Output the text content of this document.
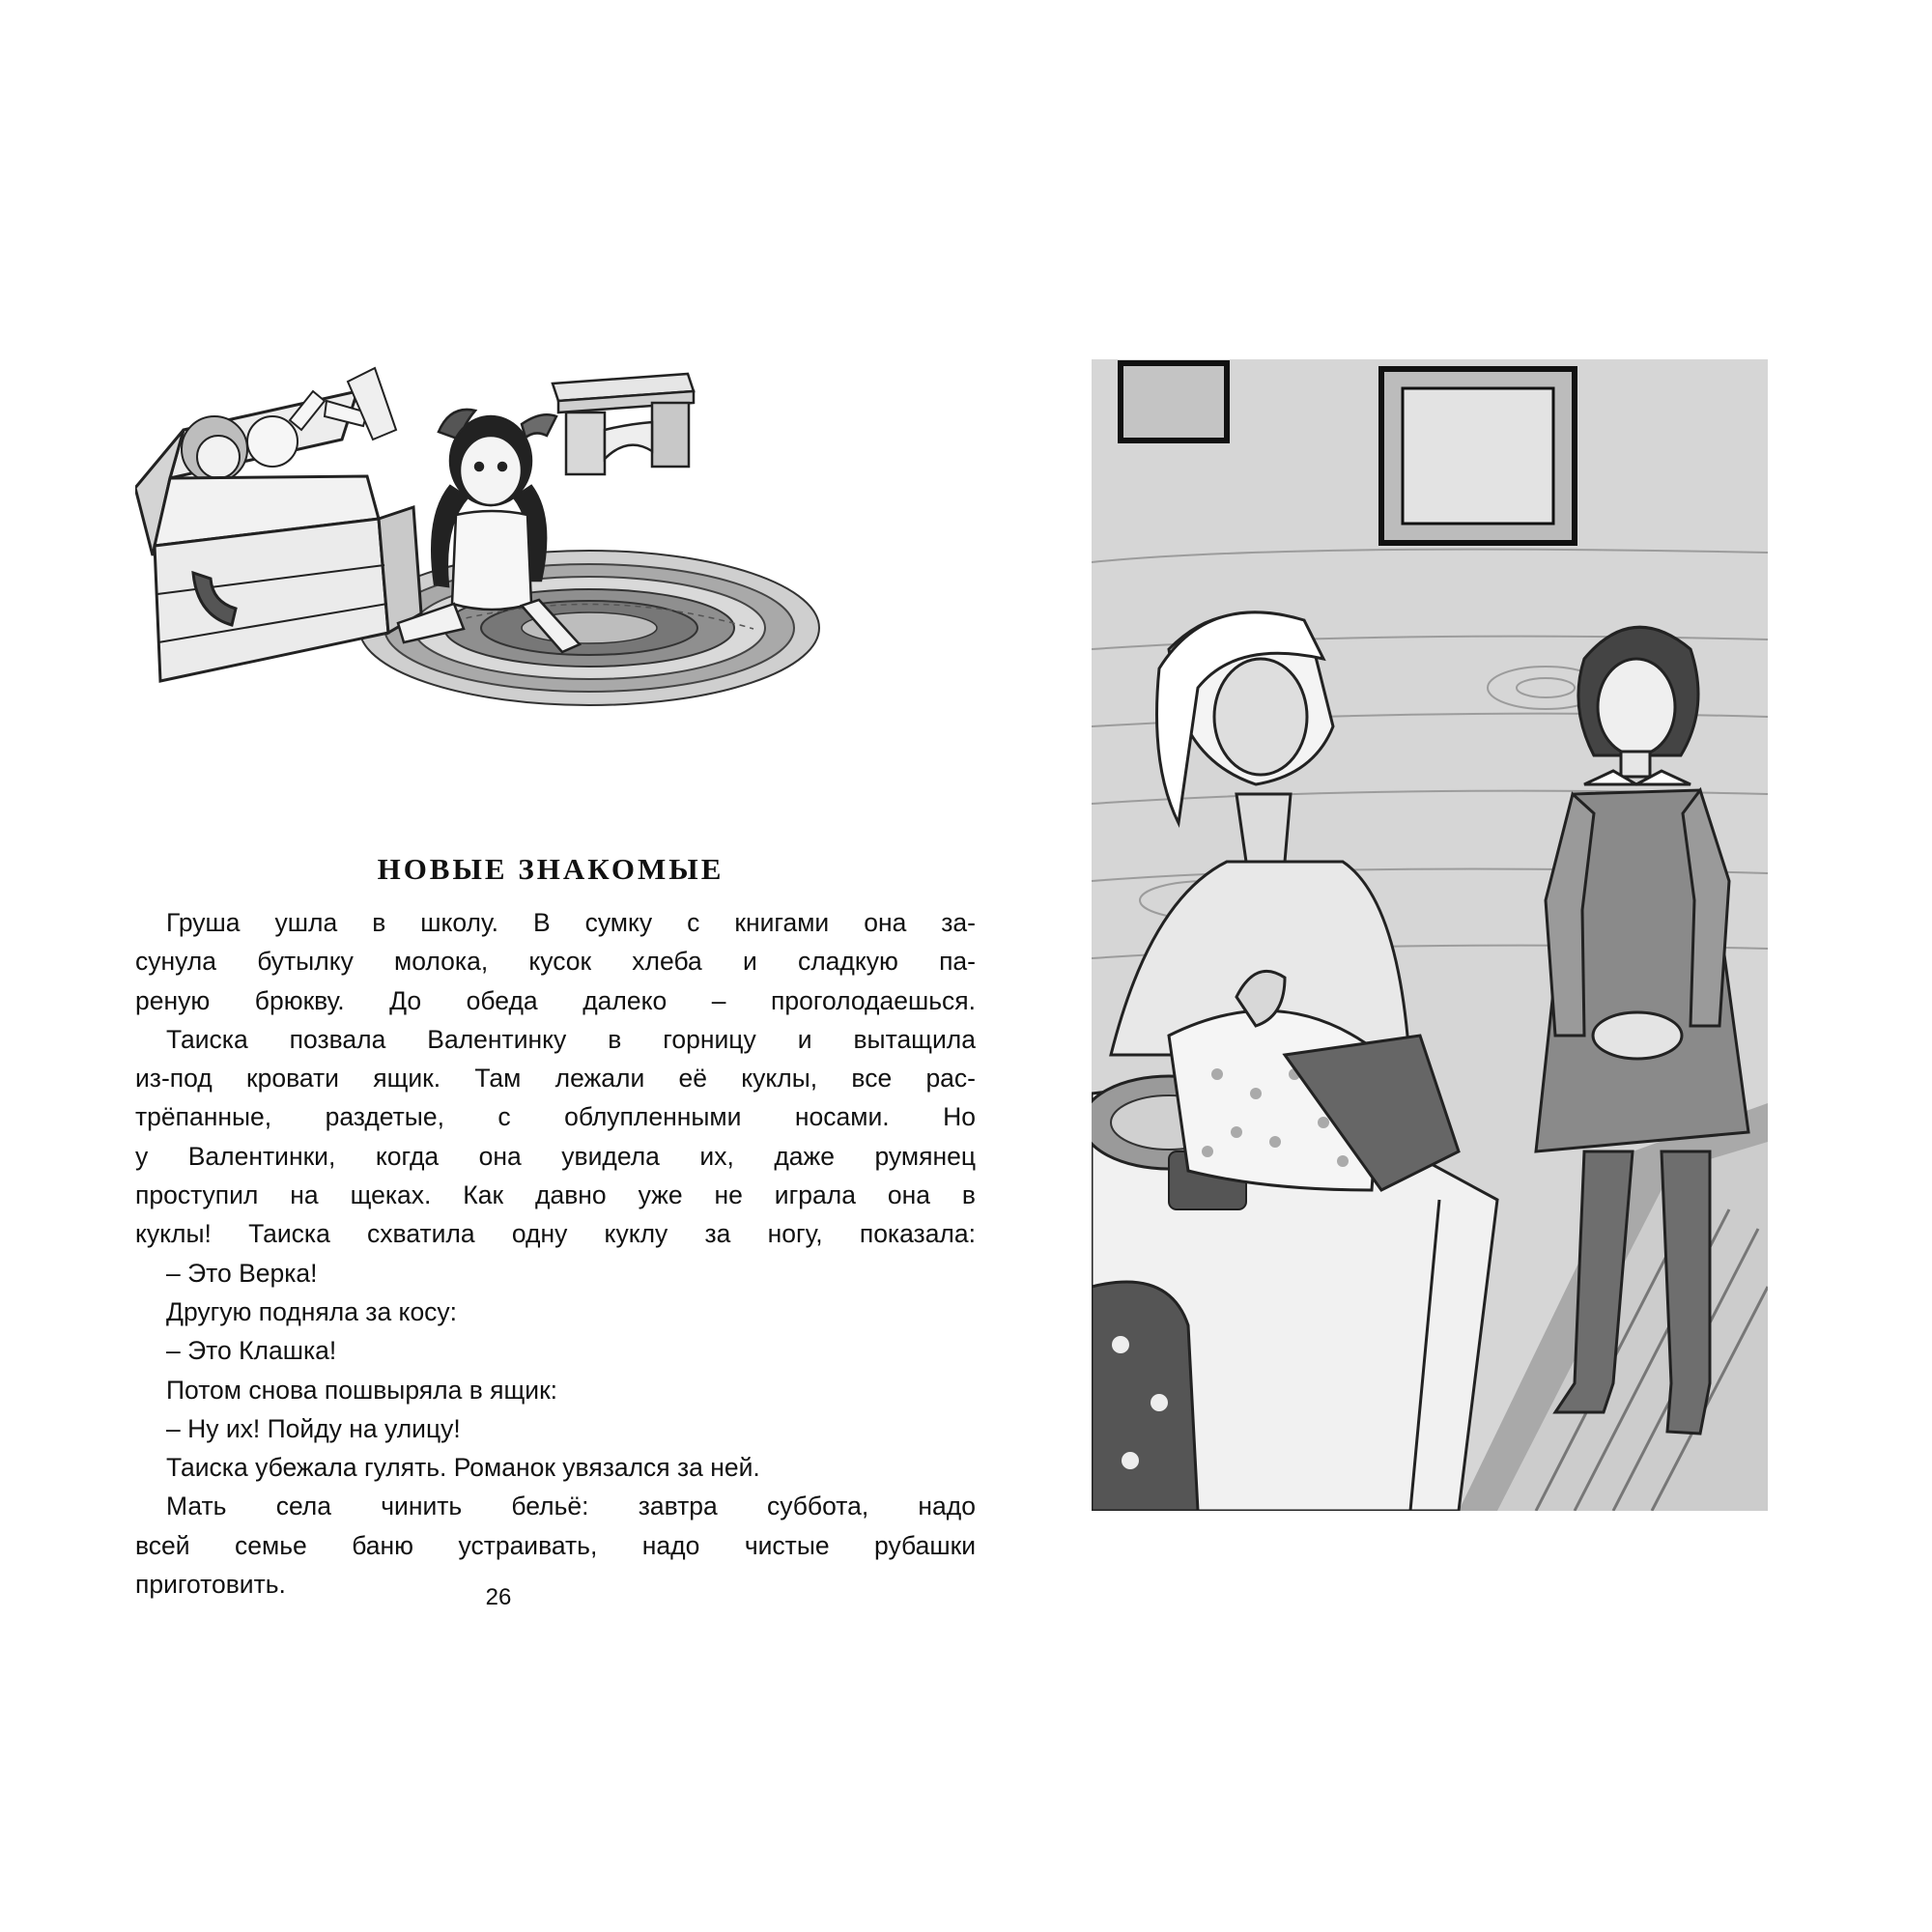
НОВЫЕ ЗНАКОМЫЕ
Груша ушла в школу. В сумку с книгами она за-
сунула бутылку молока, кусок хлеба и сладкую па-
реную брюкву. До обеда далеко – проголодаешься.
Таиска позвала Валентинку в горницу и вытащила
из-под кровати ящик. Там лежали её куклы, все рас-
трёпанные, раздетые, с облупленными носами. Но
у Валентинки, когда она увидела их, даже румянец
проступил на щеках. Как давно уже не играла она в
куклы! Таиска схватила одну куклу за ногу, показала:
– Это Верка!
Другую подняла за косу:
– Это Клашка!
Потом снова пошвыряла в ящик:
– Ну их! Пойду на улицу!
Таиска убежала гулять. Романок увязался за ней.
Мать села чинить бельё: завтра суббота, надо
всей семье баню устраивать, надо чистые рубашки
приготовить.	26
